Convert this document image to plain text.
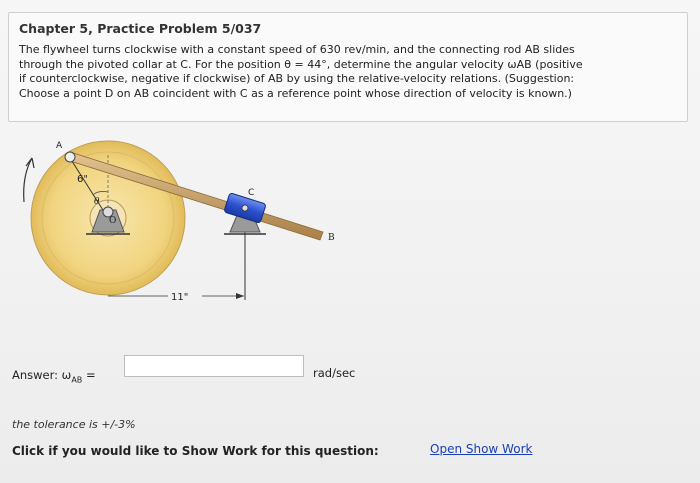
Chapter 5, Practice Problem 5/037
The flywheel turns clockwise with a constant speed of 630 rev/min, and the connecting rod AB slides
through the pivoted collar at C. For the position θ = 44°, determine the angular velocity ωAB (positive
if counterclockwise, negative if clockwise) of AB by using the relative-velocity relations. (Suggestion:
Choose a point D on AB coincident with C as a reference point whose direction of velocity is known.)
A
B
C
O
θ
6"
11"
Answer: $\omega_{AB}$ =	rad/sec
the tolerance is +/-3%
Click if you would like to Show Work for this question:	Open Show Work
